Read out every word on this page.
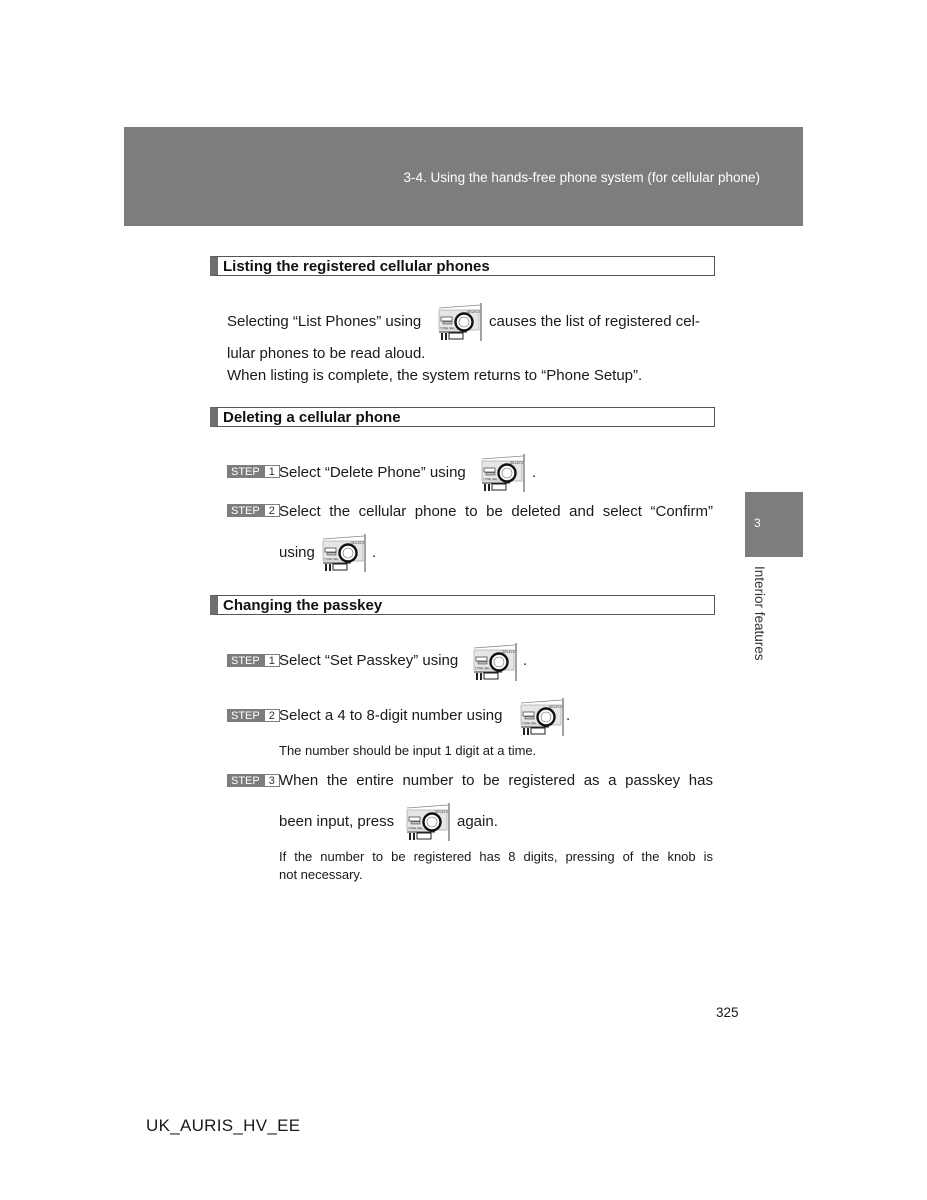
3-4. Using the hands-free phone system (for cellular phone)
3
Interior features
Listing the registered cellular phones
Selecting “List Phones” using	causes the list of registered cel-
lular phones to be read aloud.
When listing is complete, the system returns to “Phone Setup”.
Deleting a cellular phone
STEP 1 Select “Delete Phone” using	.
STEP 2 Select the cellular phone to be deleted and select “Confirm”
using	.
Changing the passkey
STEP 1 Select “Set Passkey” using	.
STEP 2 Select a 4 to 8-digit number using	.
The number should be input 1 digit at a time.
STEP 3 When the entire number to be registered as a passkey has
been input, press	again.
If the number to be registered has 8 digits, pressing of the knob is
not necessary.
325
UK_AURIS_HV_EE
